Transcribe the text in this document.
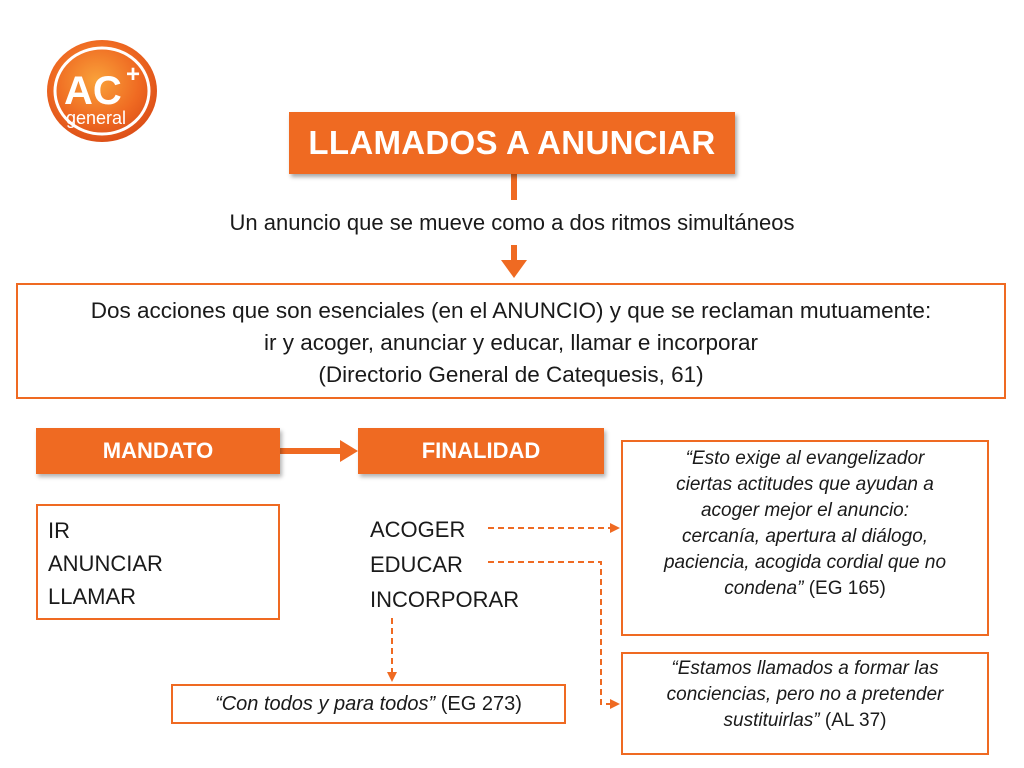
AC +
general
LLAMADOS A ANUNCIAR
Un anuncio que se mueve como a dos ritmos simultáneos
Dos acciones que son esenciales (en el ANUNCIO) y que se reclaman mutuamente:
ir y acoger, anunciar y educar, llamar e incorporar
(Directorio General de Catequesis, 61)
MANDATO	FINALIDAD
IR
ANUNCIAR
LLAMAR
ACOGER
EDUCAR
INCORPORAR
“Esto exige al evangelizador
ciertas actitudes que ayudan a
acoger mejor el anuncio:
cercanía, apertura al diálogo,
paciencia, acogida cordial que no
condena” (EG 165)
“Con todos y para todos” (EG 273)
“Estamos llamados a formar las
conciencias, pero no a pretender
sustituirlas” (AL 37)
